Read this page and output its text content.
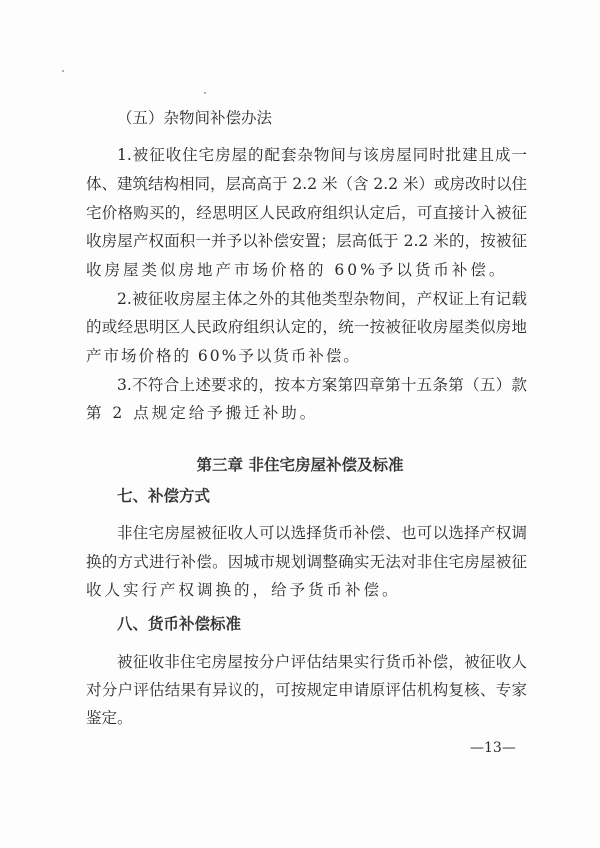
（五）杂物间补偿办法
1.被征收住宅房屋的配套杂物间与该房屋同时批建且成一
体、建筑结构相同，层高高于 2.2 米（含 2.2 米）或房改时以住
宅价格购买的，经思明区人民政府组织认定后，可直接计入被征
收房屋产权面积一并予以补偿安置；层高低于 2.2 米的，按被征
收房屋类似房地产市场价格的 60%予以货币补偿。
2.被征收房屋主体之外的其他类型杂物间，产权证上有记载
的或经思明区人民政府组织认定的，统一按被征收房屋类似房地
产市场价格的 60%予以货币补偿。
3.不符合上述要求的，按本方案第四章第十五条第（五）款
第 2 点规定给予搬迁补助。
第三章 非住宅房屋补偿及标准
七、补偿方式
非住宅房屋被征收人可以选择货币补偿、也可以选择产权调
换的方式进行补偿。因城市规划调整确实无法对非住宅房屋被征
收人实行产权调换的，给予货币补偿。
八、货币补偿标准
被征收非住宅房屋按分户评估结果实行货币补偿，被征收人
对分户评估结果有异议的，可按规定申请原评估机构复核、专家
鉴定。
—13—
